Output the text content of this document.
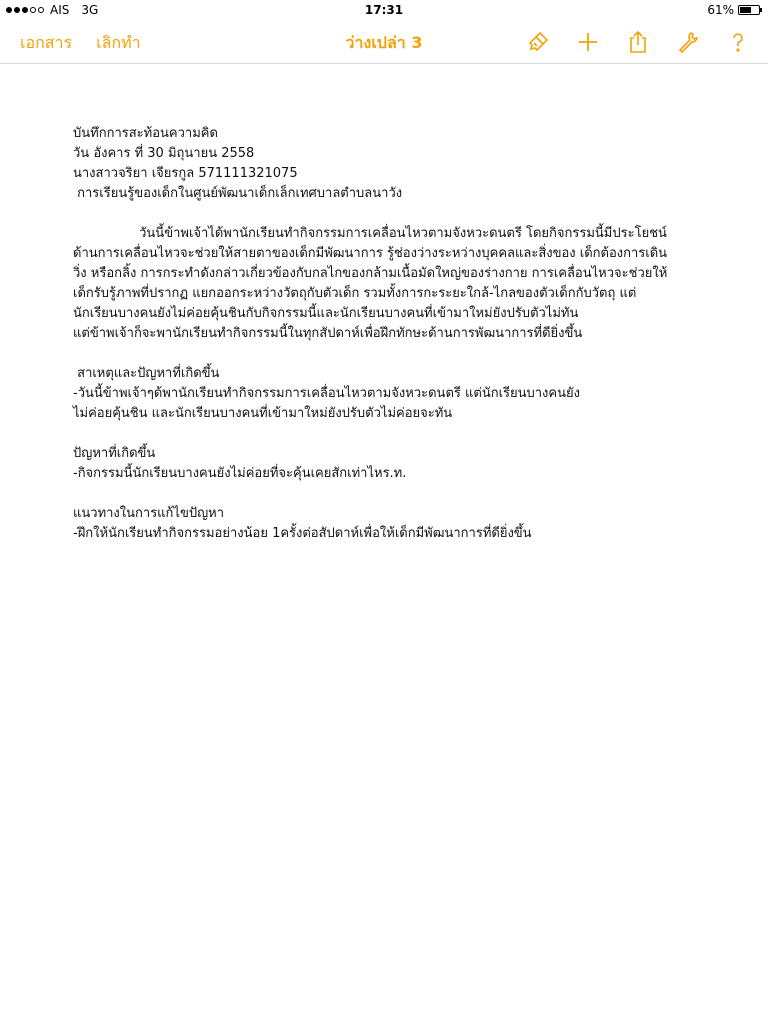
AIS 3G	17:31	61%
เอกสาร เลิกทำ	ว่างเปล่า 3

บันทึกการสะท้อนความคิด

วัน อังคาร ที่ 30 มิถุนายน 2558

นางสาวจริยา เจียรกูล 571111321075

การเรียนรู้ของเด็กในศูนย์พัฒนาเด็กเล็กเทศบาลตำบลนาวัง

วันนี้ข้าพเจ้าได้พานักเรียนทำกิจกรรมการเคลื่อนไหวตามจังหวะดนตรี โดยกิจกรรมนี้มีประโยชน์

ด้านการเคลื่อนไหวจะช่วยให้สายตาของเด็กมีพัฒนาการ รู้ช่องว่างระหว่างบุคคลและสิ่งของ เด็กต้องการเดิน

วิ่ง หรือกลิ้ง การกระทำดังกล่าวเกี่ยวข้องกับกลไกของกล้ามเนื้อมัดใหญ่ของร่างกาย การเคลื่อนไหวจะช่วยให้

เด็กรับรู้ภาพที่ปรากฏ แยกออกระหว่างวัตถุกับตัวเด็ก รวมทั้งการกะระยะใกล้-ไกลของตัวเด็กกับวัตถุ แต่

นักเรียนบางคนยังไม่ค่อยคุ้นชินกับกิจกรรมนี้และนักเรียนบางคนที่เข้ามาใหม่ยังปรับตัวไม่ทัน

แต่ข้าพเจ้าก็จะพานักเรียนทำกิจกรรมนี้ในทุกสัปดาห์เพื่อฝึกทักษะด้านการพัฒนาการที่ดียิ่งขึ้น

สาเหตุและปัญหาที่เกิดขึ้น

-วันนี้ข้าพเจ้าๆด้พานักเรียนทำกิจกรรมการเคลื่อนไหวตามจังหวะดนตรี แต่นักเรียนบางคนยัง

ไม่ค่อยคุ้นชิน และนักเรียนบางคนที่เข้ามาใหม่ยังปรับตัวไม่ค่อยจะทัน

ปัญหาที่เกิดขึ้น

-กิจกรรมนี้นักเรียนบางคนยังไม่ค่อยที่จะคุ้นเคยสักเท่าไหร.ท.

แนวทางในการแก้ไขปัญหา

-ฝึกให้นักเรียนทำกิจกรรมอย่างน้อย 1ครั้งต่อสัปดาห์เพื่อให้เด็กมีพัฒนาการที่ดียิ่งขึ้น
